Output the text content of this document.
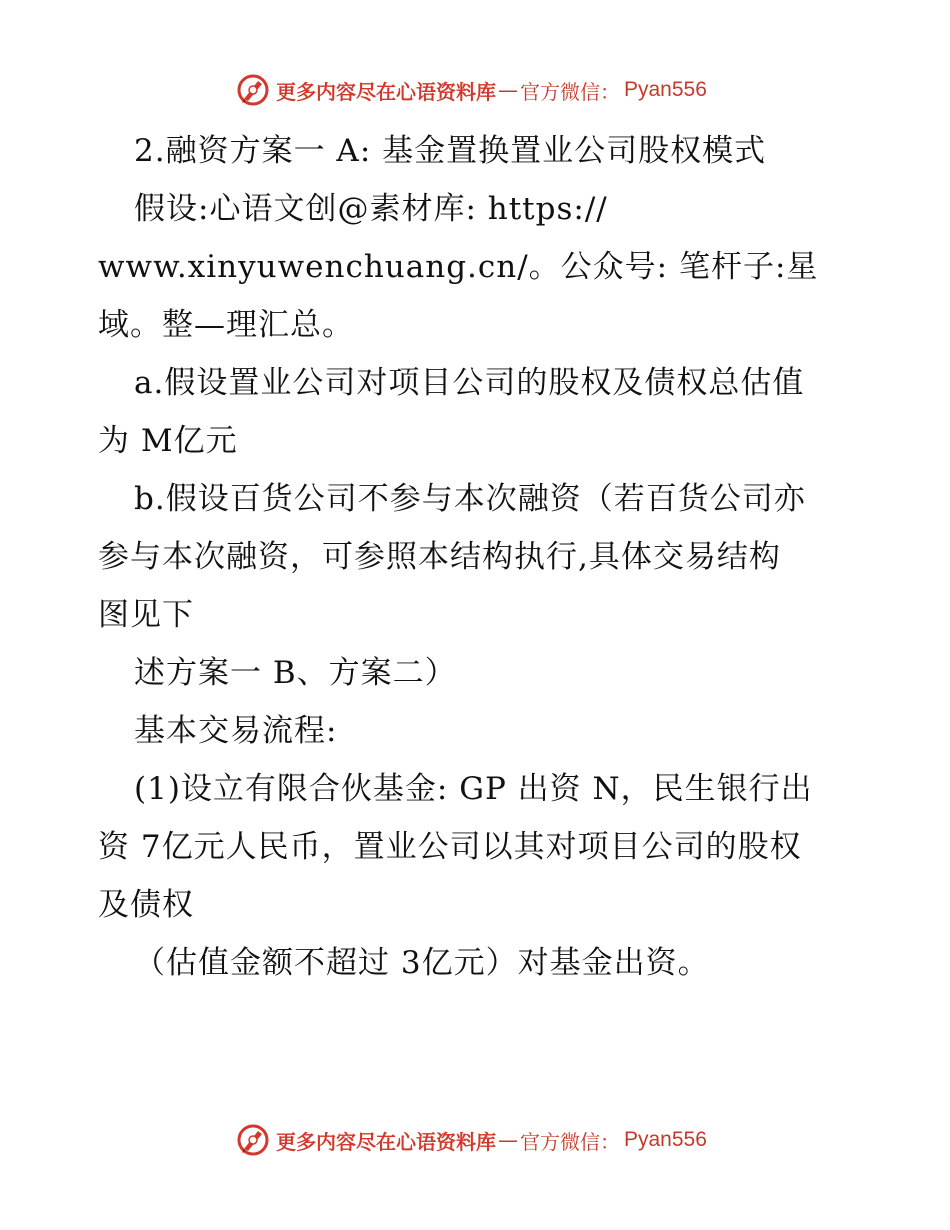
更多内容尽在心语资料库 — 官方微信： Pyan556
2.融资方案一 A: 基金置换置业公司股权模式
假设:心语文创@素材库: https://
www.xinyuwenchuang.cn/。公众号: 笔杆子:星
域。整—理汇总。
a.假设置业公司对项目公司的股权及债权总估值
为 M亿元
b.假设百货公司不参与本次融资（若百货公司亦
参与本次融资，可参照本结构执行,具体交易结构
图见下
述方案一 B、方案二）
基本交易流程:
(1)设立有限合伙基金: GP 出资 N，民生银行出
资 7亿元人民币，置业公司以其对项目公司的股权
及债权
（估值金额不超过 3亿元）对基金出资。
更多内容尽在心语资料库 — 官方微信： Pyan556
